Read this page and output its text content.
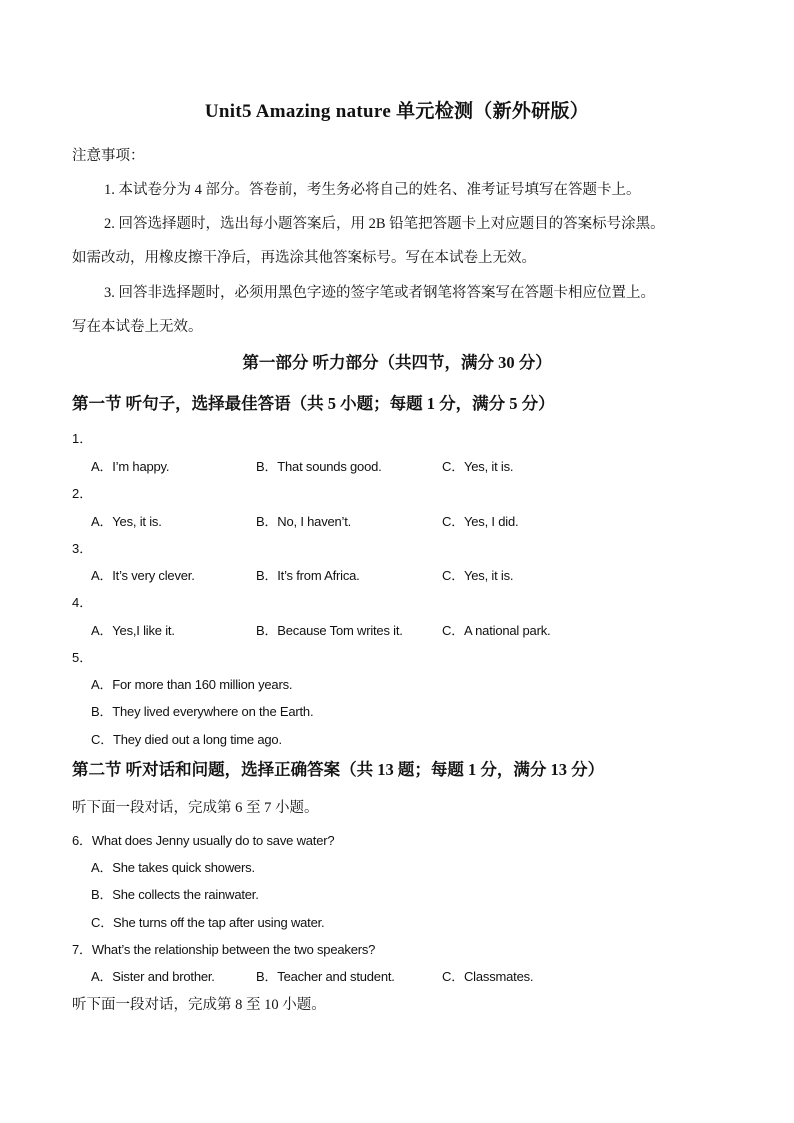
Unit5 Amazing nature 单元检测（新外研版）
注意事项：
1. 本试卷分为 4 部分。答卷前，考生务必将自己的姓名、准考证号填写在答题卡上。
2. 回答选择题时，选出每小题答案后，用 2B 铅笔把答题卡上对应题目的答案标号涂黑。
如需改动，用橡皮擦干净后，再选涂其他答案标号。写在本试卷上无效。
3. 回答非选择题时，必须用黑色字迹的签字笔或者钢笔将答案写在答题卡相应位置上。
写在本试卷上无效。
第一部分 听力部分（共四节，满分 30 分）
第一节 听句子，选择最佳答语（共 5 小题；每题 1 分，满分 5 分）
1．
A．I’m happy.	B．That sounds good.	C．Yes, it is.
2．
A．Yes, it is.	B．No, I haven’t.	C．Yes, I did.
3．
A．It’s very clever.	B．It’s from Africa.	C．Yes, it is.
4．
A．Yes,I like it.	B．Because Tom writes it.	C．A national park.
5．
A．For more than 160 million years.
B．They lived everywhere on the Earth.
C．They died out a long time ago.
第二节 听对话和问题，选择正确答案（共 13 题；每题 1 分，满分 13 分）
听下面一段对话，完成第 6 至 7 小题。
6．What does Jenny usually do to save water?
A．She takes quick showers.
B．She collects the rainwater.
C．She turns off the tap after using water.
7．What’s the relationship between the two speakers?
A．Sister and brother.	B．Teacher and student.	C．Classmates.
听下面一段对话，完成第 8 至 10 小题。
